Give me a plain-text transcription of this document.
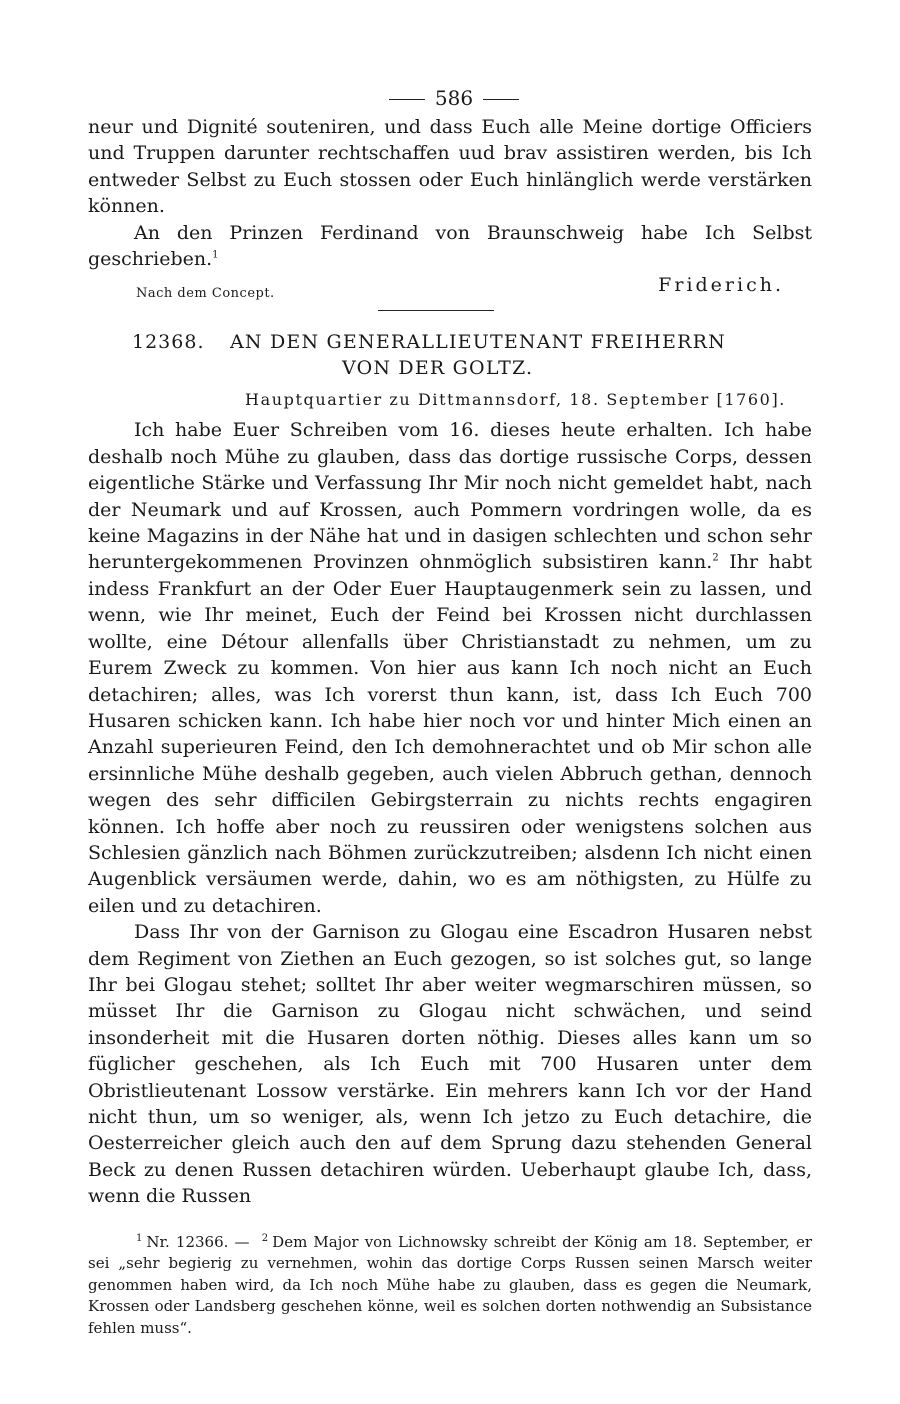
586

neur und Dignité souteniren, und dass Euch alle Meine dortige Officiers und Truppen darunter rechtschaffen uud brav assistiren werden, bis Ich entweder Selbst zu Euch stossen oder Euch hinlänglich werde verstärken können.

An den Prinzen Ferdinand von Braunschweig habe Ich Selbst geschrieben.$^1$

Nach dem Concept.	Friderich.
12368. AN DEN GENERALLIEUTENANT FREIHERRN
VON DER GOLTZ.
Hauptquartier zu Dittmannsdorf, 18. September [1760].

Ich habe Euer Schreiben vom 16. dieses heute erhalten. Ich habe deshalb noch Mühe zu glauben, dass das dortige russische Corps, dessen eigentliche Stärke und Verfassung Ihr Mir noch nicht gemeldet habt, nach der Neumark und auf Krossen, auch Pommern vordringen wolle, da es keine Magazins in der Nähe hat und in dasigen schlechten und schon sehr heruntergekommenen Provinzen ohnmöglich subsistiren kann.$^2$ Ihr habt indess Frankfurt an der Oder Euer Hauptaugenmerk sein zu lassen, und wenn, wie Ihr meinet, Euch der Feind bei Krossen nicht durchlassen wollte, eine Détour allenfalls über Christianstadt zu nehmen, um zu Eurem Zweck zu kommen. Von hier aus kann Ich noch nicht an Euch detachiren; alles, was Ich vorerst thun kann, ist, dass Ich Euch 700 Husaren schicken kann. Ich habe hier noch vor und hinter Mich einen an Anzahl superieuren Feind, den Ich demohnerachtet und ob Mir schon alle ersinnliche Mühe deshalb gegeben, auch vielen Abbruch gethan, dennoch wegen des sehr difficilen Gebirgsterrain zu nichts rechts engagiren können. Ich hoffe aber noch zu reussiren oder wenigstens solchen aus Schlesien gänzlich nach Böhmen zurückzutreiben; alsdenn Ich nicht einen Augenblick versäumen werde, dahin, wo es am nöthigsten, zu Hülfe zu eilen und zu detachiren.

Dass Ihr von der Garnison zu Glogau eine Escadron Husaren nebst dem Regiment von Ziethen an Euch gezogen, so ist solches gut, so lange Ihr bei Glogau stehet; solltet Ihr aber weiter wegmarschiren müssen, so müsset Ihr die Garnison zu Glogau nicht schwächen, und seind insonderheit mit die Husaren dorten nöthig. Dieses alles kann um so füglicher geschehen, als Ich Euch mit 700 Husaren unter dem Obristlieutenant Lossow verstärke. Ein mehrers kann Ich vor der Hand nicht thun, um so weniger, als, wenn Ich jetzo zu Euch detachire, die Oesterreicher gleich auch den auf dem Sprung dazu stehenden General Beck zu denen Russen detachiren würden. Ueberhaupt glaube Ich, dass, wenn die Russen

$^1$ Nr. 12366. — $^2$ Dem Major von Lichnowsky schreibt der König am 18. September, er sei „sehr begierig zu vernehmen, wohin das dortige Corps Russen seinen Marsch weiter genommen haben wird, da Ich noch Mühe habe zu glauben, dass es gegen die Neumark, Krossen oder Landsberg geschehen könne, weil es solchen dorten nothwendig an Subsistance fehlen muss“.
